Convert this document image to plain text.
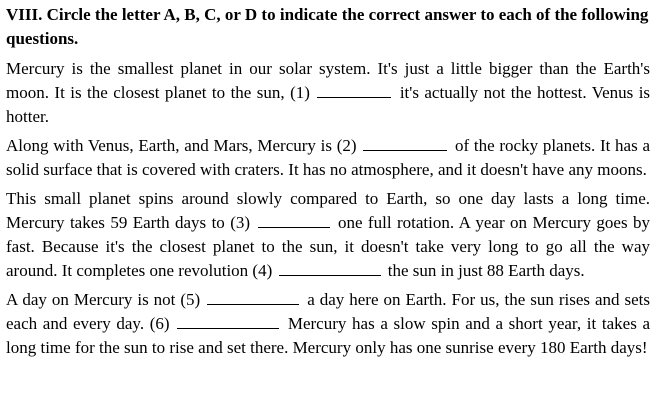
VIII. Circle the letter A, B, C, or D to indicate the correct answer to each of the following questions.

Mercury is the smallest planet in our solar system. It's just a little bigger than the Earth's moon. It is the closest planet to the sun, (1)	it's actually not the hottest. Venus is hotter.

Along with Venus, Earth, and Mars, Mercury is (2)	of the rocky planets. It has a solid surface that is covered with craters. It has no atmosphere, and it doesn't have any moons.

This small planet spins around slowly compared to Earth, so one day lasts a long time. Mercury takes 59 Earth days to (3)	one full rotation. A year on Mercury goes by fast. Because it's the closest planet to the sun, it doesn't take very long to go all the way around. It completes one revolution (4)	the sun in just 88 Earth days.

A day on Mercury is not (5)	a day here on Earth. For us, the sun rises and sets each and every day. (6)	Mercury has a slow spin and a short year, it takes a long time for the sun to rise and set there. Mercury only has one sunrise every 180 Earth days!
